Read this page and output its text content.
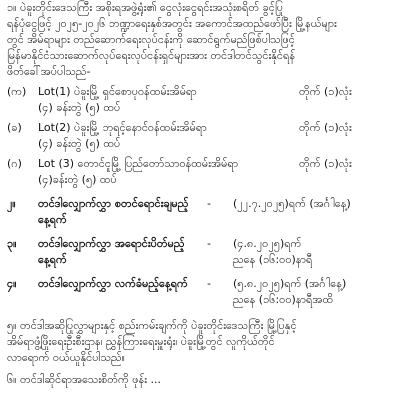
၁။ ပဲခူးတိုင်းဒေသကြီး အစိုးရအဖွဲ့ရုံး၏ ငွေလုံးငွေရင်းအသုံးစရိတ် ခွင့်ပြု
ရန်ပုံငွေဖြင့် ၂၀၂၅-၂၀၂၆ ဘဏ္ဍာရေးနှစ်အတွင်း အကောင်အထည်ဖော်ပြီး မြို့နယ်များ
တွင် အိမ်ရာများ တည်ဆောက်ရေးလုပ်ငန်းကို ဆောင်ရွက်မည်ဖြစ်ပါသဖြင့်
မြန်မာနိုင်ငံသားဆောက်လုပ်ရေးလုပ်ငန်းရှင်များအား တင်ဒါတင်သွင်းနိုင်ရန်
ဖိတ်ခေါ်အပ်ပါသည်-
(က) Lot(1) ပဲခူးမြို့ ရှင်စောပုဝန်ထမ်းအိမ်ရာ	တိုက် (၁)လုံး
(၄) ခန်းတွဲ (၅) ထပ်
(ခ) Lot(2) ပဲခူးမြို့ ဘုရင့်နောင်ဝန်ထမ်းအိမ်ရာ	တိုက် (၁)လုံး
(၄) ခန်းတွဲ (၅) ထပ်
(ဂ) Lot (3) တောင်ငူမြို့ ပြည်တော်သာဝန်ထမ်းအိမ်ရာ	တိုက် (၁)လုံး
(၄)ခန်းတွဲ (၅) ထပ်
၂။ တင်ဒါလျှောက်လွှာ စတင်ရောင်းချမည့်
နေ့ရက်
- (၂၂.၇.၂၀၂၅)ရက် (အင်္ဂါနေ့)
၃။ တင်ဒါလျှောက်လွှာ အရောင်းပိတ်မည့်
နေ့ရက်
- (၄.၈.၂၀၂၅)ရက်
ညနေ (၁၆:၀၀)နာရီ
၄။ တင်ဒါလျှောက်လွှာ လက်ခံမည့်နေ့ရက် - (၅.၈.၂၀၂၅)ရက် (အင်္ဂါနေ့)
ညနေ (၁၆:၀၀)နာရီအထိ
၅။ တင်ဒါအဆိုပြုလွှာများနှင့် စည်းကမ်းချက်ကို ပဲခူးတိုင်းဒေသကြီး မြို့ပြနှင့်
အိမ်ရာဖွံ့ဖြိုးရေးဦးစီးဌာန၊ ညွှန်ကြားရေးမှူးရုံး၊ ပဲခူးမြို့တွင် လူကိုယ်တိုင်
လာရောက် ဝယ်ယူနိုင်ပါသည်။
၆။ တင်ဒါဆိုင်ရာအသေးစိတ်ကို ဖုန်း ...
